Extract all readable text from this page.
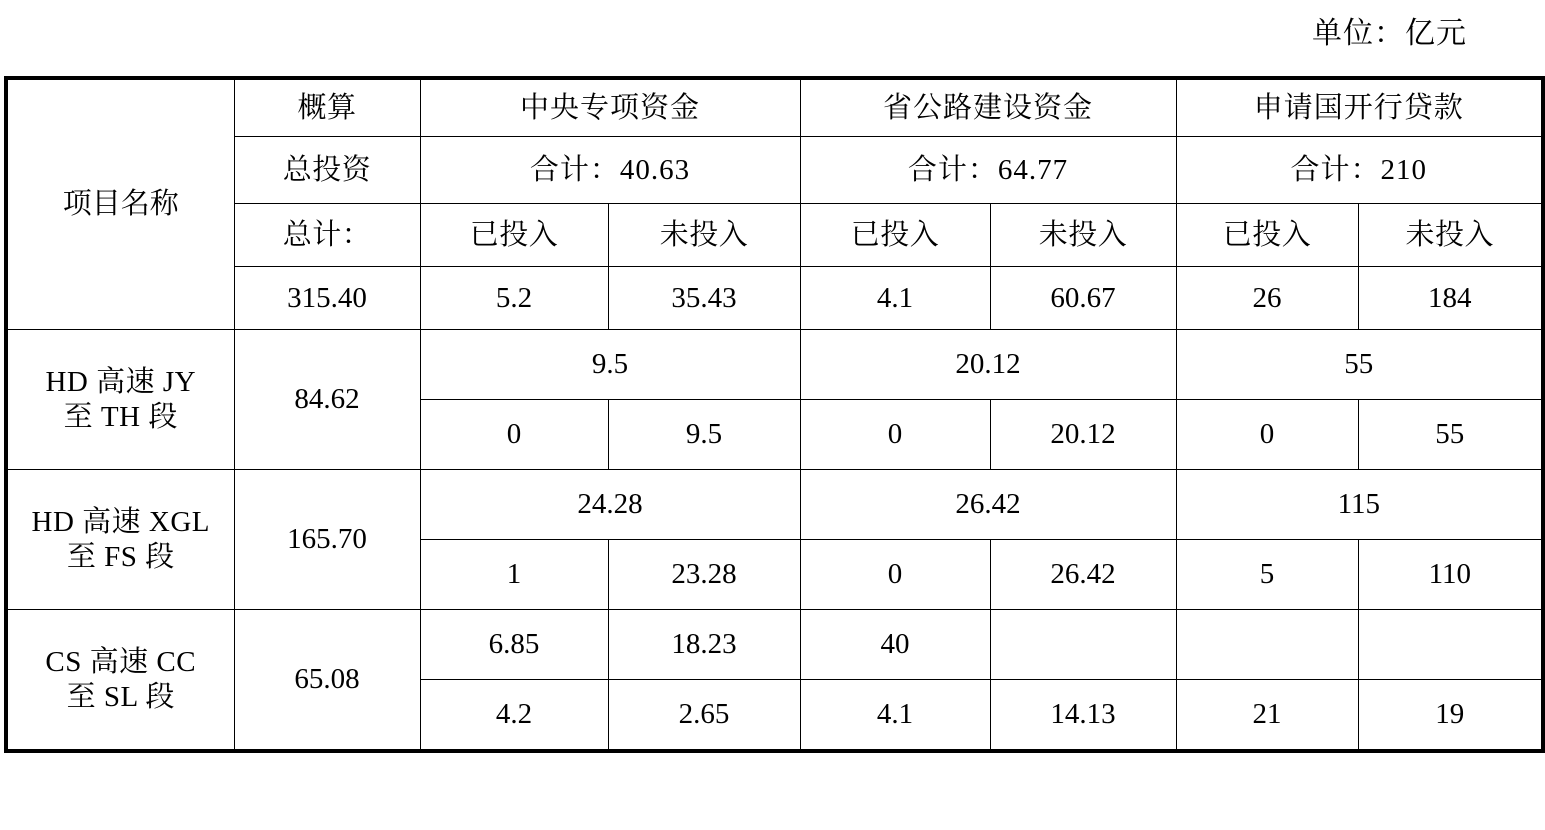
单位：亿元
项目名称	概算	中央专项资金		省公路建设资金		申请国开行贷款	
	总投资	合计：40.63		合计：64.77		合计：210	
	总计：	已投入	未投入	已投入	未投入	已投入	未投入
	315.40	5.2	35.43	4.1	60.67	26	184

HD 高速 JY
至 TH 段	84.62	9.5		20.12		55	
		0	9.5	0	20.12	0	55

HD 高速 XGL
至 FS 段	165.70	24.28		26.42		115	
		1	23.28	0	26.42	5	110

CS 高速 CC
至 SL 段	65.08	6.85	18.23	40			
		4.2	2.65	4.1	14.13	21	19
